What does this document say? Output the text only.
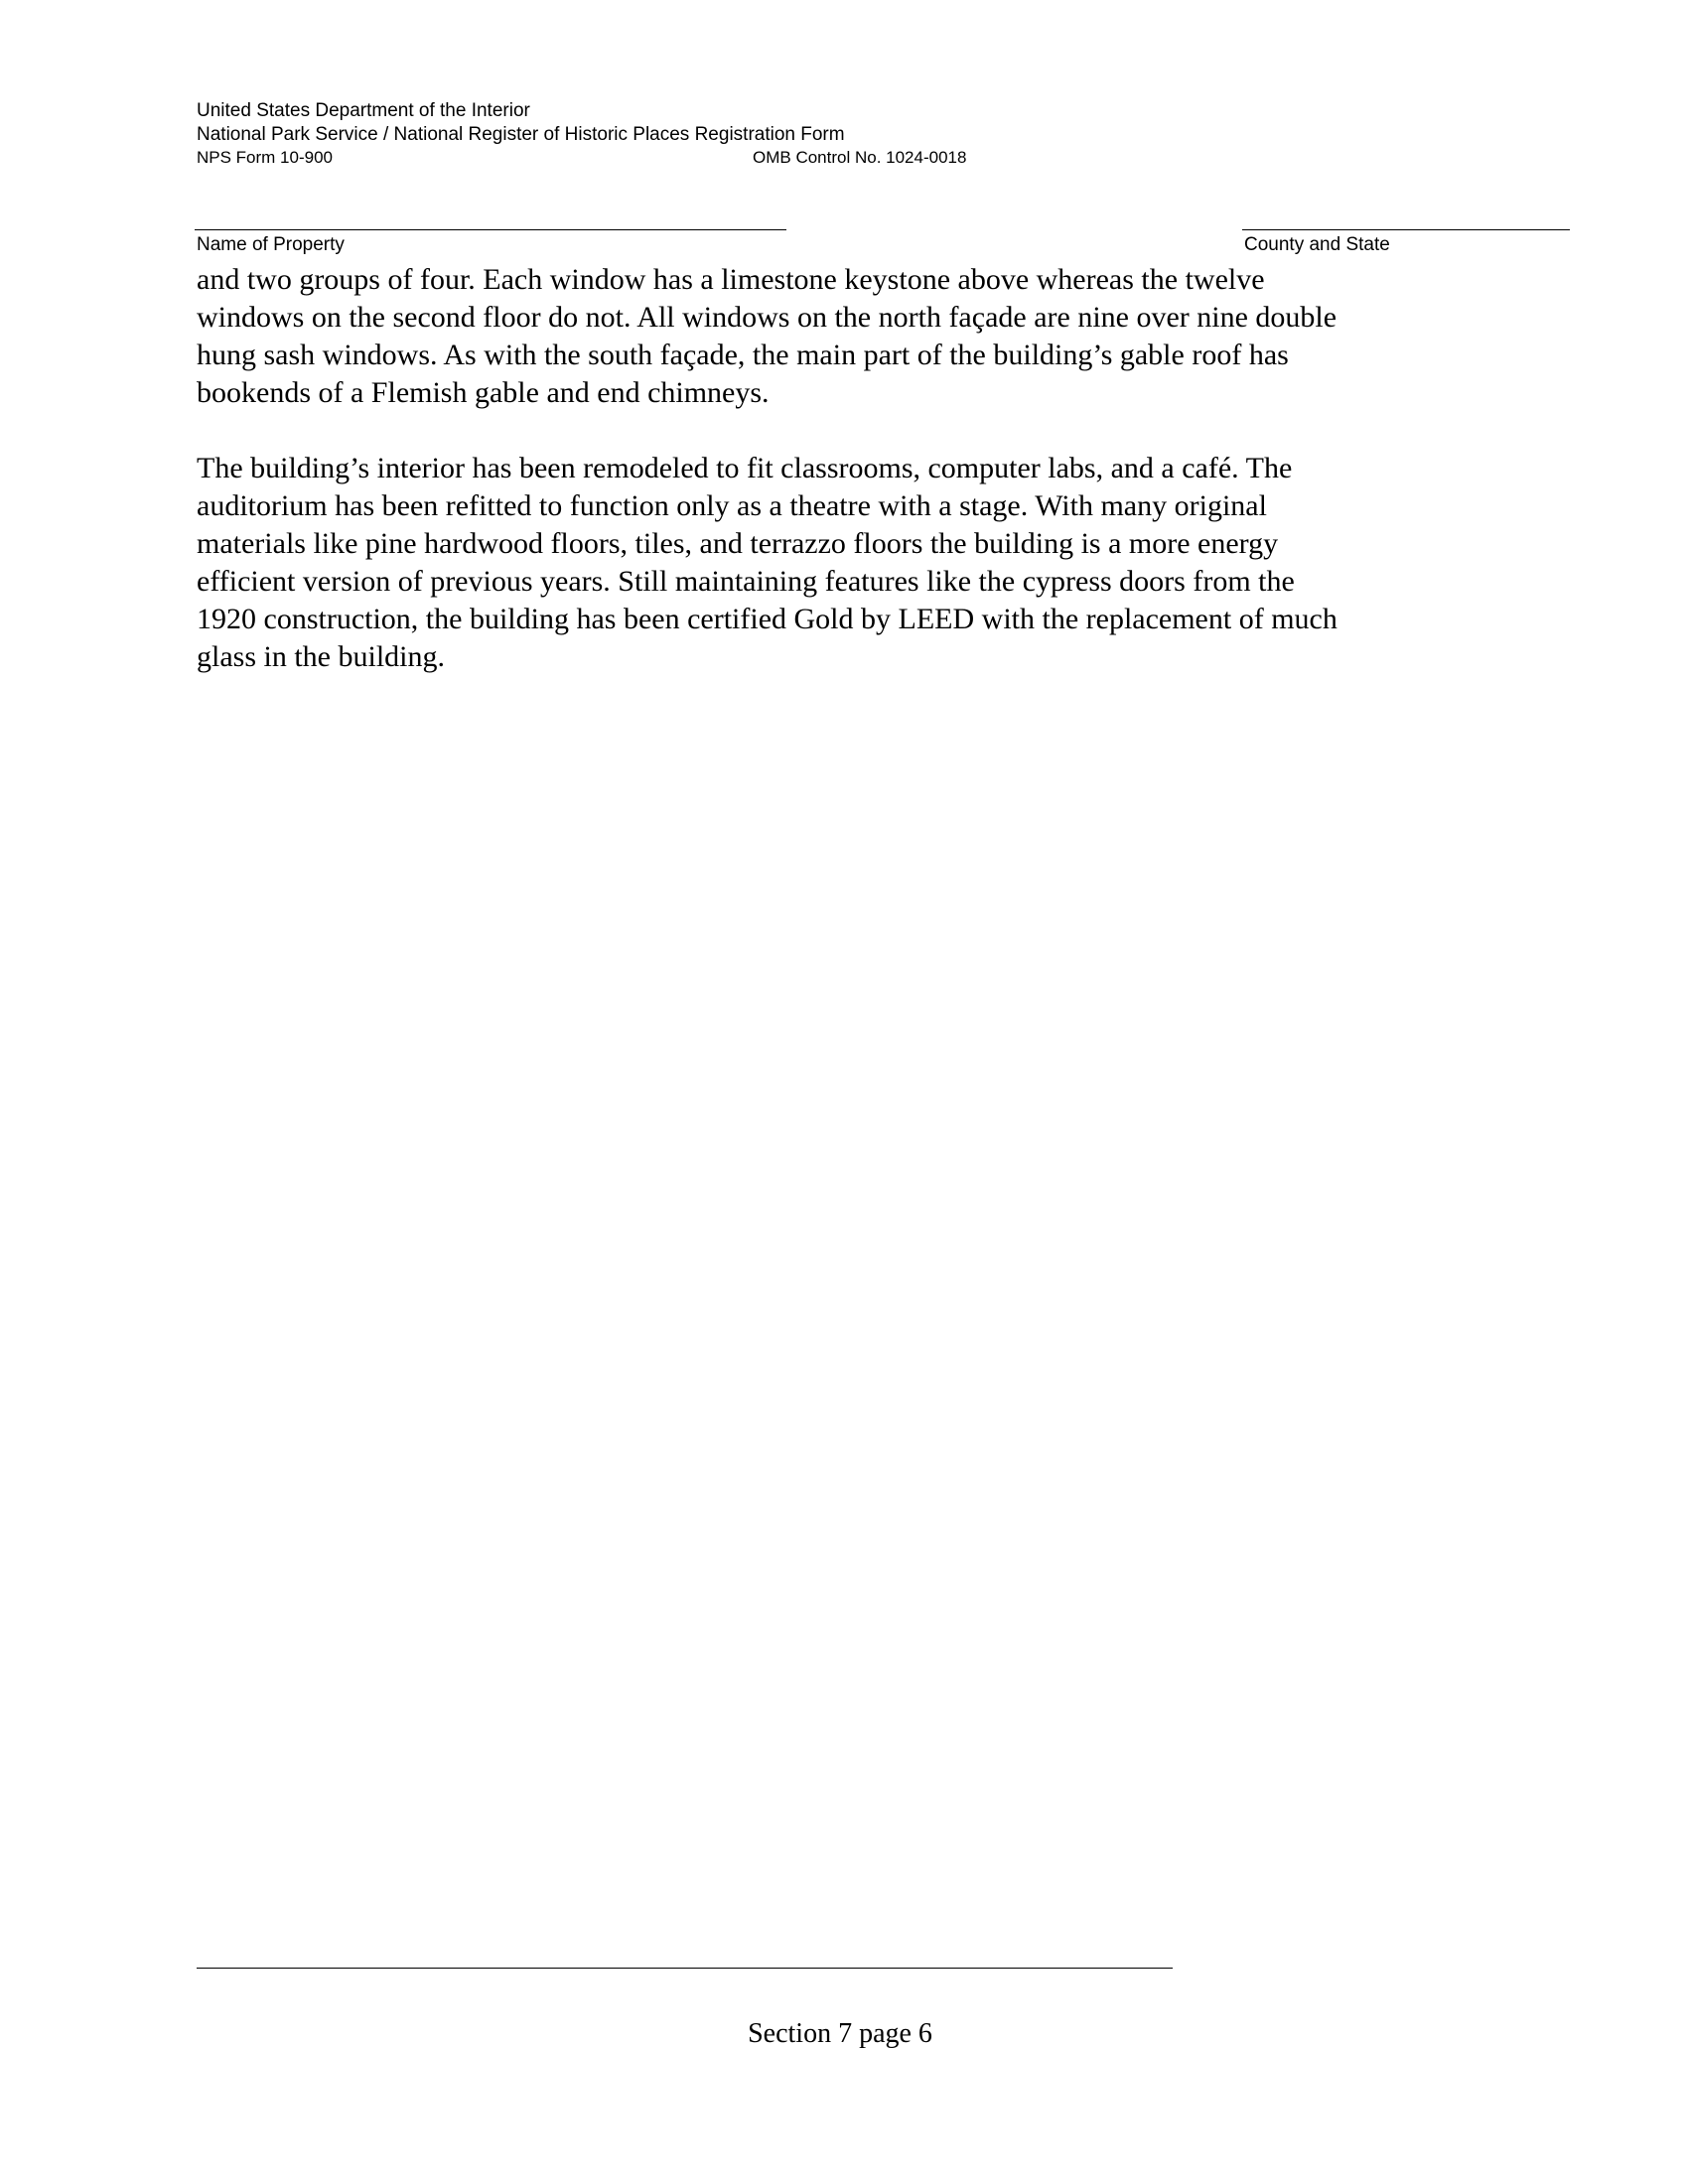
United States Department of the Interior
National Park Service / National Register of Historic Places Registration Form
NPS Form 10-900	OMB Control No. 1024-0018
Name of Property	County and State
and two groups of four. Each window has a limestone keystone above whereas the twelve
windows on the second floor do not. All windows on the north façade are nine over nine double
hung sash windows. As with the south façade, the main part of the building’s gable roof has
bookends of a Flemish gable and end chimneys.
The building’s interior has been remodeled to fit classrooms, computer labs, and a café. The
auditorium has been refitted to function only as a theatre with a stage. With many original
materials like pine hardwood floors, tiles, and terrazzo floors the building is a more energy
efficient version of previous years. Still maintaining features like the cypress doors from the
1920 construction, the building has been certified Gold by LEED with the replacement of much
glass in the building.
Section 7 page 6
